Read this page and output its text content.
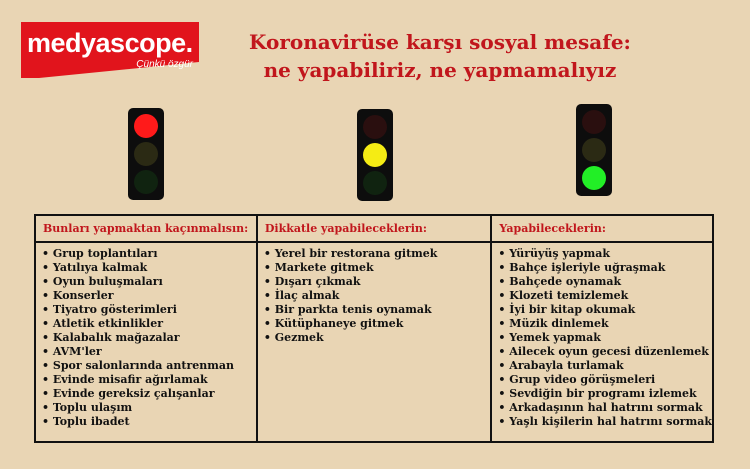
medyascope.
Çünkü özgür
Koronavirüse karşı sosyal mesafe:
ne yapabiliriz, ne yapmamalıyız
Bunları yapmaktan kaçınmalısın:
• Grup toplantıları
• Yatılıya kalmak
• Oyun buluşmaları
• Konserler
• Tiyatro gösterimleri
• Atletik etkinlikler
• Kalabalık mağazalar
• AVM'ler
• Spor salonlarında antrenman
• Evinde misafir ağırlamak
• Evinde gereksiz çalışanlar
• Toplu ulaşım
• Toplu ibadet
Dikkatle yapabileceklerin:
• Yerel bir restorana gitmek
• Markete gitmek
• Dışarı çıkmak
• İlaç almak
• Bir parkta tenis oynamak
• Kütüphaneye gitmek
• Gezmek
Yapabileceklerin:
• Yürüyüş yapmak
• Bahçe işleriyle uğraşmak
• Bahçede oynamak
• Klozeti temizlemek
• İyi bir kitap okumak
• Müzik dinlemek
• Yemek yapmak
• Ailecek oyun gecesi düzenlemek
• Arabayla turlamak
• Grup video görüşmeleri
• Sevdiğin bir programı izlemek
• Arkadaşının hal hatrını sormak
• Yaşlı kişilerin hal hatrını sormak
